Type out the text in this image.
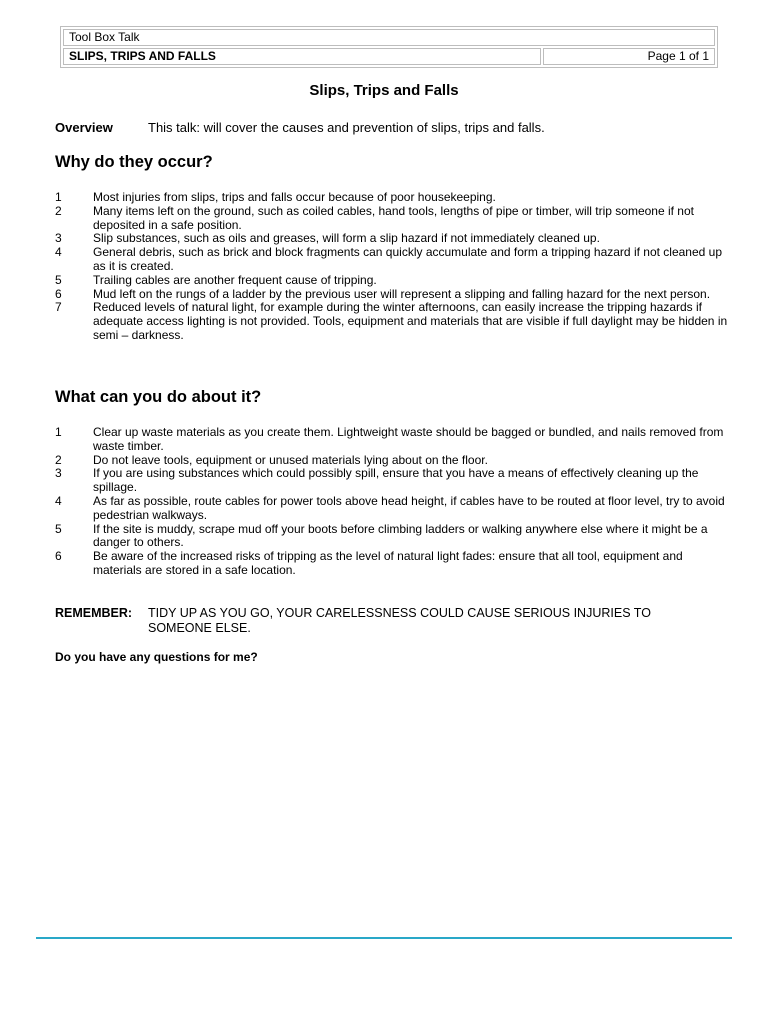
Tool Box Talk
SLIPS, TRIPS AND FALLS	Page 1 of 1
Slips, Trips and Falls
Overview	This talk: will cover the causes and prevention of slips, trips and falls.
Why do they occur?
1	Most injuries from slips, trips and falls occur because of poor housekeeping.
2	Many items left on the ground, such as coiled cables, hand tools, lengths of pipe or timber, will trip someone if not deposited in a safe position.
3	Slip substances, such as oils and greases, will form a slip hazard if not immediately cleaned up.
4	General debris, such as brick and block fragments can quickly accumulate and form a tripping hazard if not cleaned up as it is created.
5	Trailing cables are another frequent cause of tripping.
6	Mud left on the rungs of a ladder by the previous user will represent a slipping and falling hazard for the next person.
7	Reduced levels of natural light, for example during the winter afternoons, can easily increase the tripping hazards if adequate access lighting is not provided. Tools, equipment and materials that are visible if full daylight may be hidden in semi – darkness.
What can you do about it?
1	Clear up waste materials as you create them. Lightweight waste should be bagged or bundled, and nails removed from waste timber.
2	Do not leave tools, equipment or unused materials lying about on the floor.
3	If you are using substances which could possibly spill, ensure that you have a means of effectively cleaning up the spillage.
4	As far as possible, route cables for power tools above head height, if cables have to be routed at floor level, try to avoid pedestrian walkways.
5	If the site is muddy, scrape mud off your boots before climbing ladders or walking anywhere else where it might be a danger to others.
6	Be aware of the increased risks of tripping as the level of natural light fades: ensure that all tool, equipment and materials are stored in a safe location.
REMEMBER:	TIDY UP AS YOU GO, YOUR CARELESSNESS COULD CAUSE SERIOUS INJURIES TO SOMEONE ELSE.
Do you have any questions for me?
